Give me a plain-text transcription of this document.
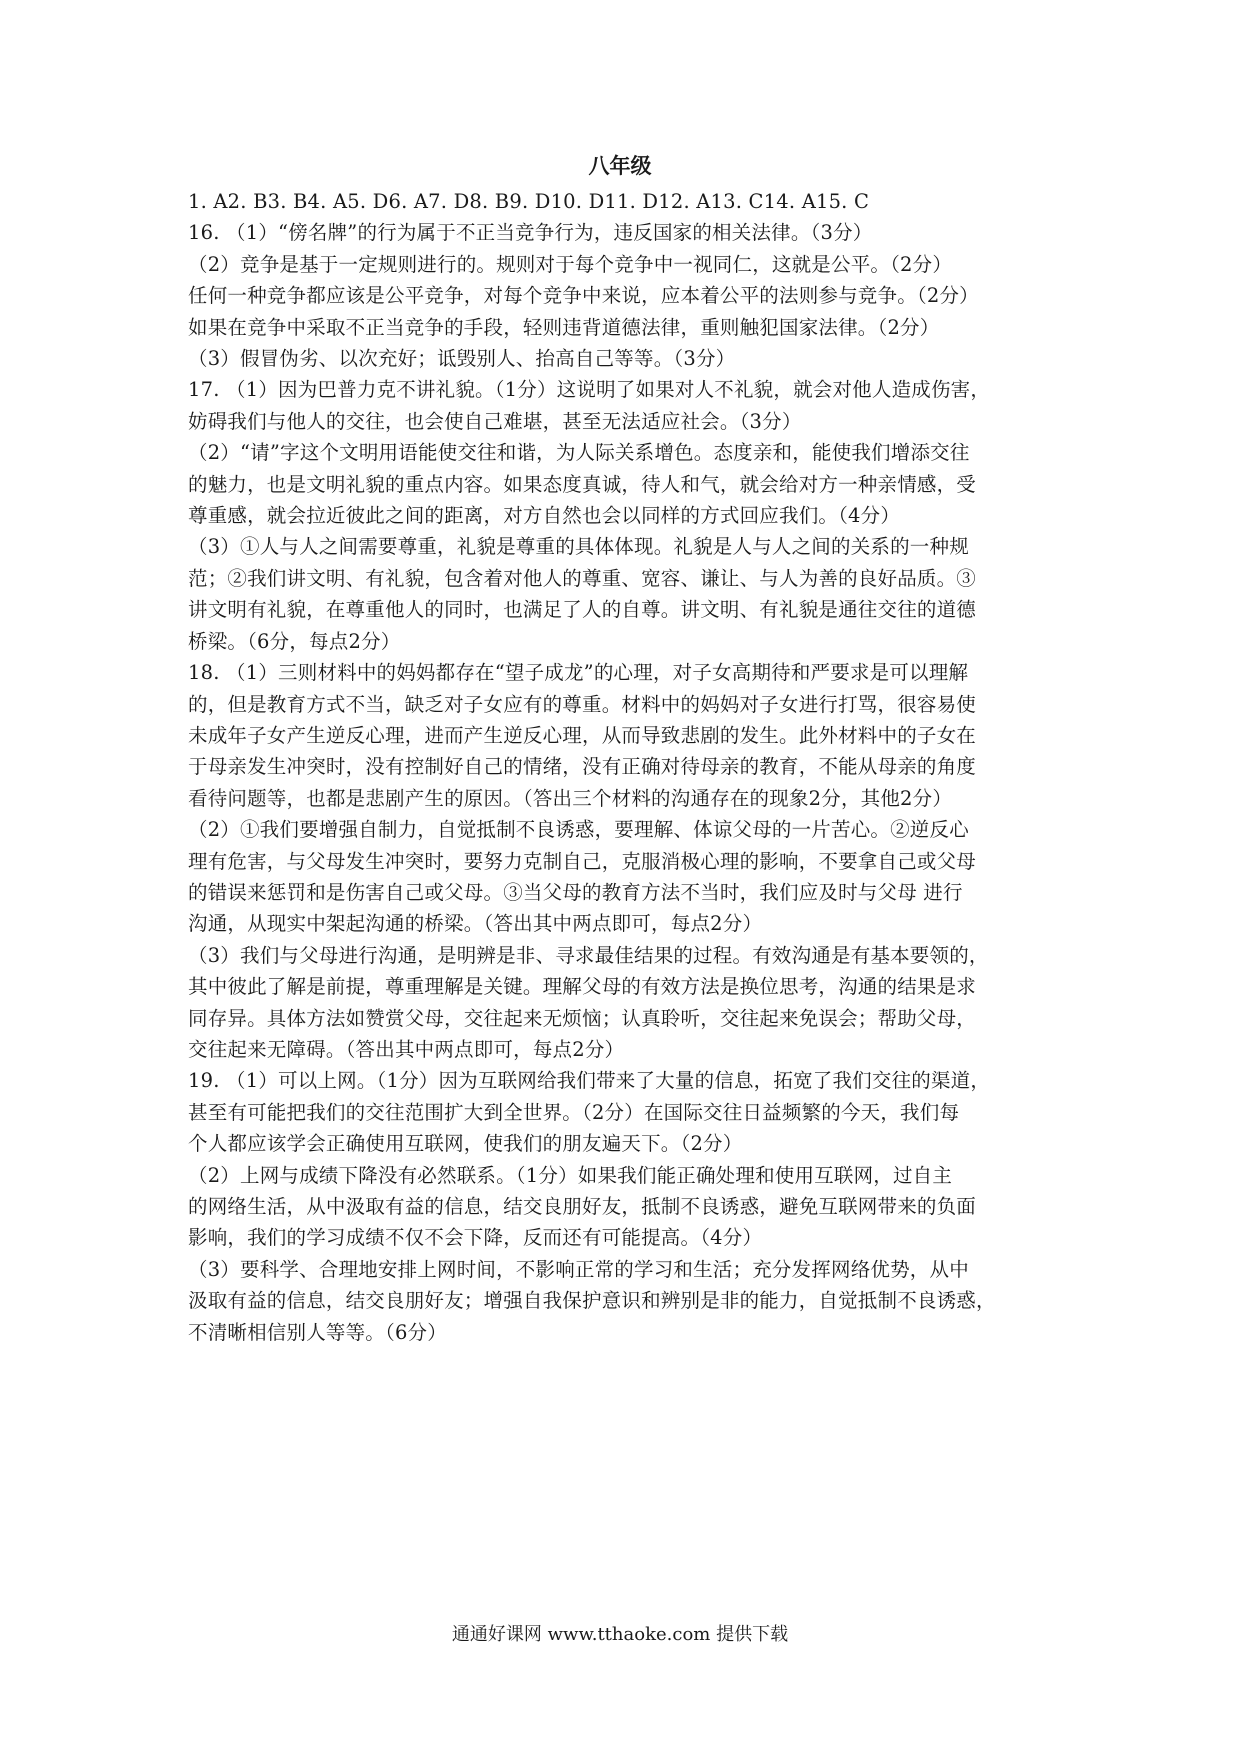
八年级
1. A2. B3. B4. A5. D6. A7. D8. B9. D10. D11. D12. A13. C14. A15. C
16. （1）“傍名牌”的行为属于不正当竞争行为，违反国家的相关法律。（3分）
（2）竞争是基于一定规则进行的。规则对于每个竞争中一视同仁，这就是公平。（2分）
任何一种竞争都应该是公平竞争，对每个竞争中来说，应本着公平的法则参与竞争。（2分）
如果在竞争中采取不正当竞争的手段，轻则违背道德法律，重则触犯国家法律。（2分）
（3）假冒伪劣、以次充好；诋毁别人、抬高自己等等。（3分）
17. （1）因为巴普力克不讲礼貌。（1分）这说明了如果对人不礼貌，就会对他人造成伤害，
妨碍我们与他人的交往，也会使自己难堪，甚至无法适应社会。（3分）
（2）“请”字这个文明用语能使交往和谐，为人际关系增色。态度亲和，能使我们增添交往
的魅力，也是文明礼貌的重点内容。如果态度真诚，待人和气，就会给对方一种亲情感，受
尊重感，就会拉近彼此之间的距离，对方自然也会以同样的方式回应我们。（4分）
（3）①人与人之间需要尊重，礼貌是尊重的具体体现。礼貌是人与人之间的关系的一种规
范；②我们讲文明、有礼貌，包含着对他人的尊重、宽容、谦让、与人为善的良好品质。③
讲文明有礼貌，在尊重他人的同时，也满足了人的自尊。讲文明、有礼貌是通往交往的道德
桥梁。（6分，每点2分）
18. （1）三则材料中的妈妈都存在“望子成龙”的心理，对子女高期待和严要求是可以理解
的，但是教育方式不当，缺乏对子女应有的尊重。材料中的妈妈对子女进行打骂，很容易使
未成年子女产生逆反心理，进而产生逆反心理，从而导致悲剧的发生。此外材料中的子女在
于母亲发生冲突时，没有控制好自己的情绪，没有正确对待母亲的教育，不能从母亲的角度
看待问题等，也都是悲剧产生的原因。（答出三个材料的沟通存在的现象2分，其他2分）
（2）①我们要增强自制力，自觉抵制不良诱惑，要理解、体谅父母的一片苦心。②逆反心
理有危害，与父母发生冲突时，要努力克制自己，克服消极心理的影响，不要拿自己或父母
的错误来惩罚和是伤害自己或父母。③当父母的教育方法不当时，我们应及时与父母 进行
沟通，从现实中架起沟通的桥梁。（答出其中两点即可，每点2分）
（3）我们与父母进行沟通，是明辨是非、寻求最佳结果的过程。有效沟通是有基本要领的，
其中彼此了解是前提，尊重理解是关键。理解父母的有效方法是换位思考，沟通的结果是求
同存异。具体方法如赞赏父母，交往起来无烦恼；认真聆听，交往起来免误会；帮助父母，
交往起来无障碍。（答出其中两点即可，每点2分）
19. （1）可以上网。（1分）因为互联网给我们带来了大量的信息，拓宽了我们交往的渠道，
甚至有可能把我们的交往范围扩大到全世界。（2分）在国际交往日益频繁的今天，我们每
个人都应该学会正确使用互联网，使我们的朋友遍天下。（2分）
（2）上网与成绩下降没有必然联系。（1分）如果我们能正确处理和使用互联网，过自主
的网络生活，从中汲取有益的信息，结交良朋好友，抵制不良诱惑，避免互联网带来的负面
影响，我们的学习成绩不仅不会下降，反而还有可能提高。（4分）
（3）要科学、合理地安排上网时间，不影响正常的学习和生活；充分发挥网络优势，从中
汲取有益的信息，结交良朋好友；增强自我保护意识和辨别是非的能力，自觉抵制不良诱惑，
不清晰相信别人等等。（6分）
通通好课网 www.tthaoke.com 提供下载
